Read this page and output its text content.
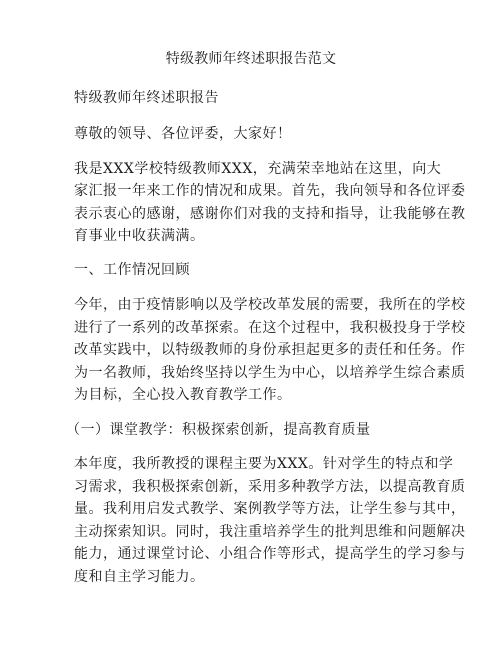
特级教师年终述职报告范文
特级教师年终述职报告
尊敬的领导、各位评委，大家好！
我是XXX学校特级教师XXX，充满荣幸地站在这里，向大
家汇报一年来工作的情况和成果。首先，我向领导和各位评委
表示衷心的感谢，感谢你们对我的支持和指导，让我能够在教
育事业中收获满满。
一、工作情况回顾
今年，由于疫情影响以及学校改革发展的需要，我所在的学校
进行了一系列的改革探索。在这个过程中，我积极投身于学校
改革实践中，以特级教师的身份承担起更多的责任和任务。作
为一名教师，我始终坚持以学生为中心，以培养学生综合素质
为目标，全心投入教育教学工作。
（一）课堂教学：积极探索创新，提高教育质量
本年度，我所教授的课程主要为XXX。针对学生的特点和学
习需求，我积极探索创新，采用多种教学方法，以提高教育质
量。我利用启发式教学、案例教学等方法，让学生参与其中，
主动探索知识。同时，我注重培养学生的批判思维和问题解决
能力，通过课堂讨论、小组合作等形式，提高学生的学习参与
度和自主学习能力。
